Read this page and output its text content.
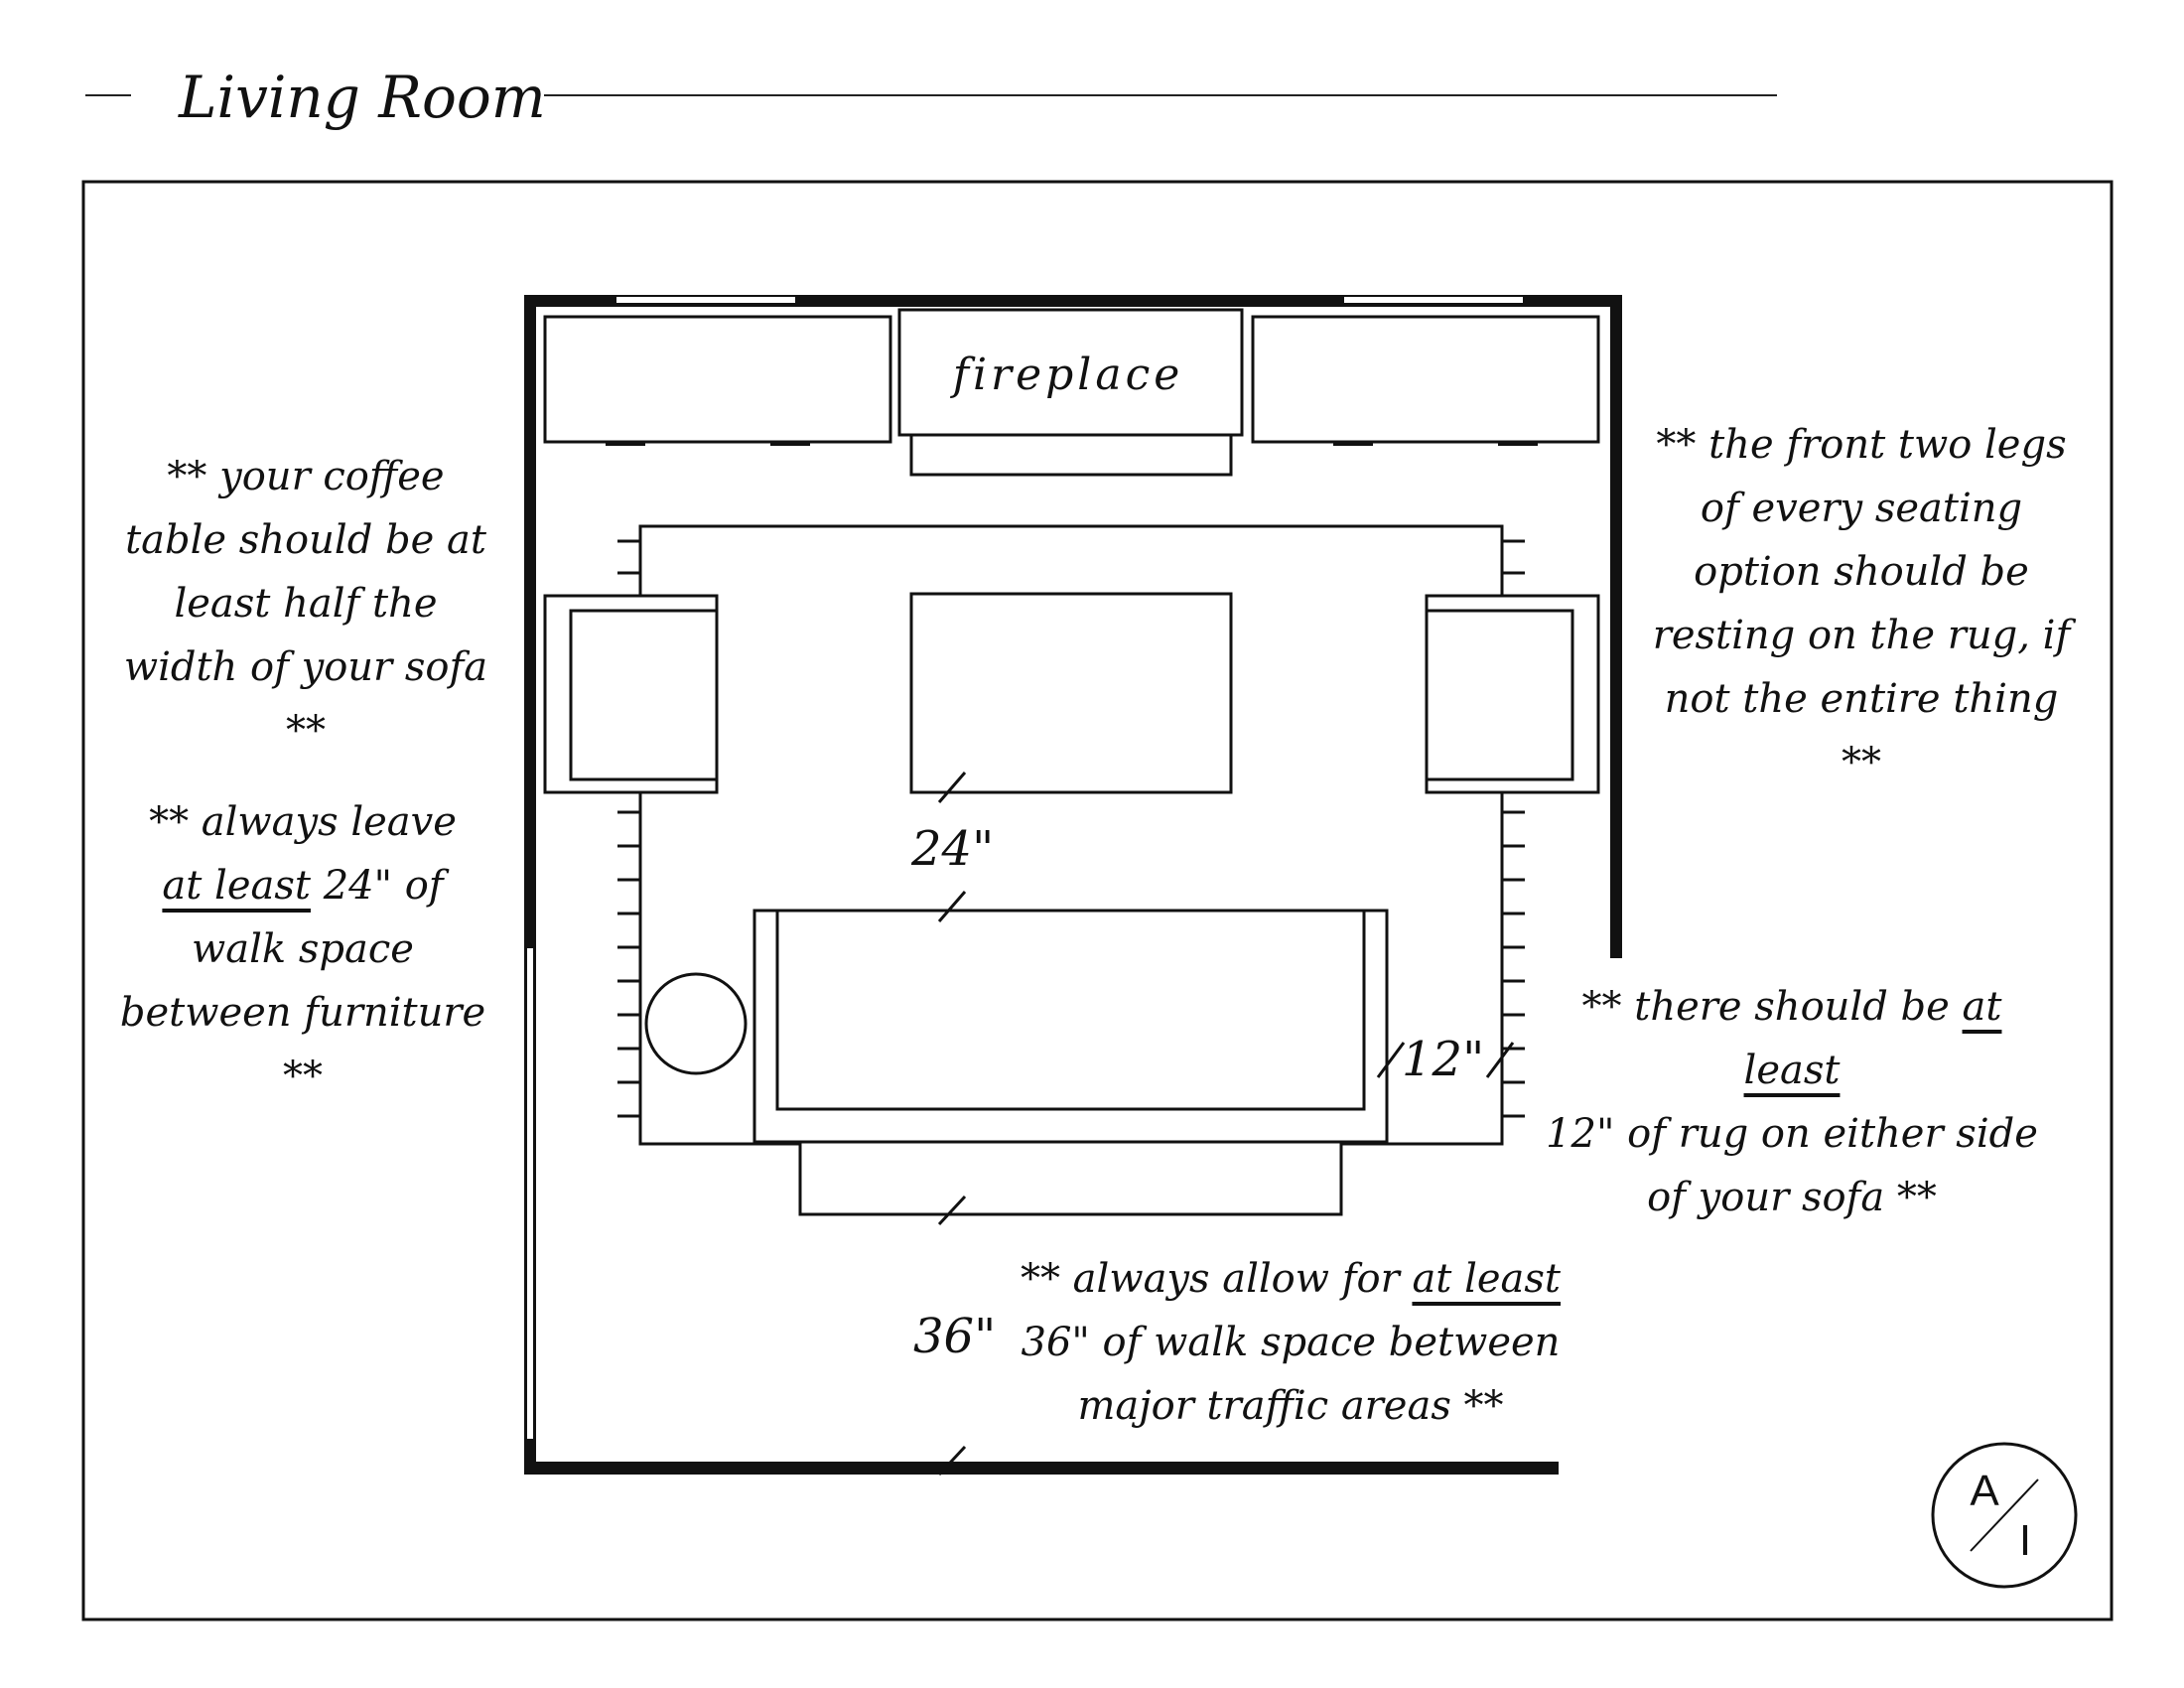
Living Room
fireplace
24"
12"
36"
A
I
** your coffee table should be at least half the width of your sofa **
** always leave
at least 24" of walk space between furniture **
** the front two legs of every seating option should be resting on the rug, if not the entire thing **
** there should be at least
12" of rug on either side of your sofa **
** always allow for at least
36" of walk space between major traffic areas **
